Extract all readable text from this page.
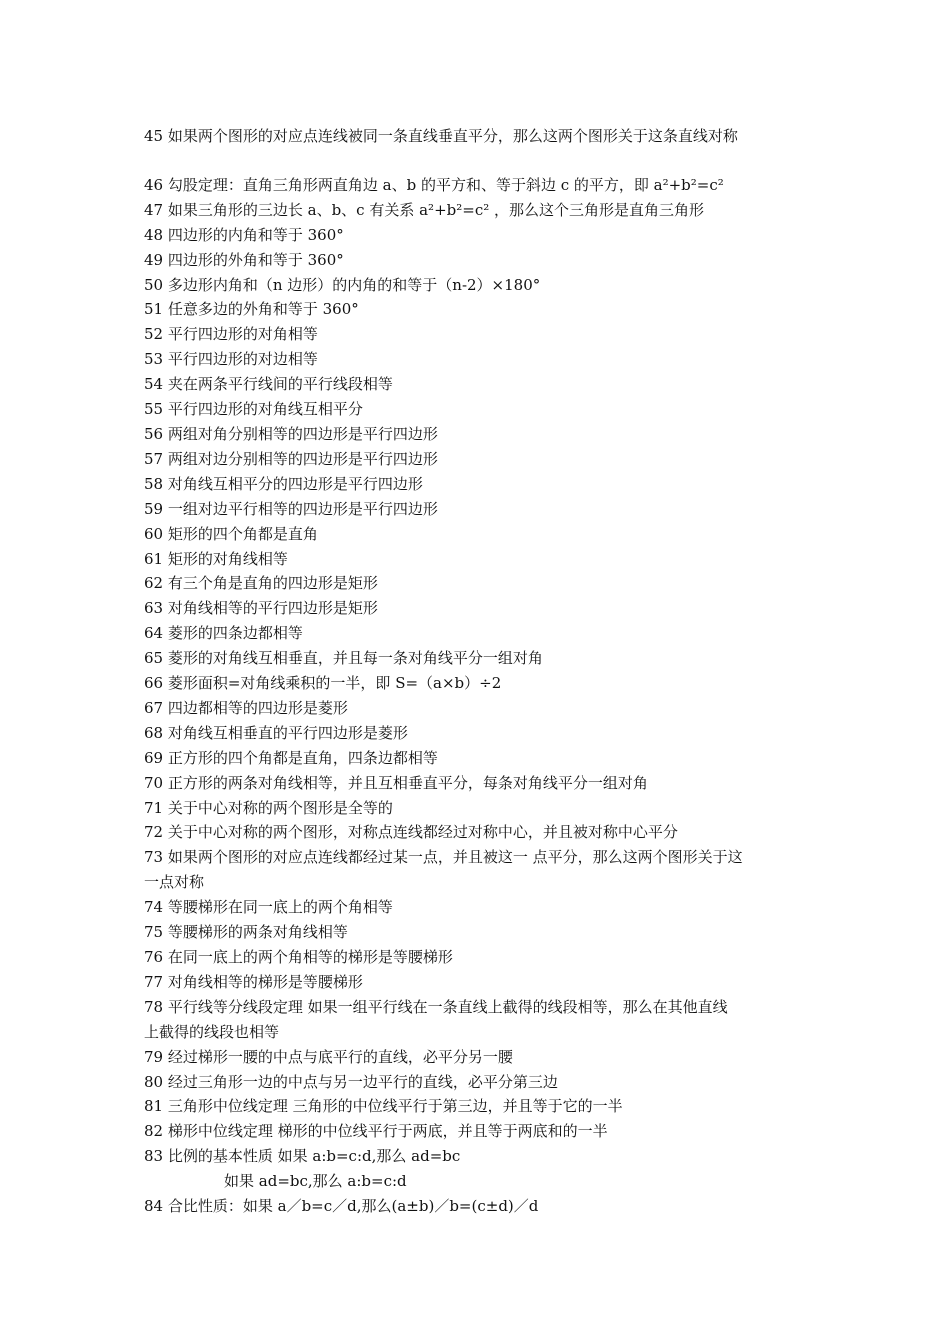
45 如果两个图形的对应点连线被同一条直线垂直平分，那么这两个图形关于这条直线对称
46 勾股定理：直角三角形两直角边 a、b 的平方和、等于斜边 c 的平方，即 a²+b²=c²
47 如果三角形的三边长 a、b、c 有关系 a²+b²=c² ，那么这个三角形是直角三角形
48 四边形的内角和等于 360°
49 四边形的外角和等于 360°
50 多边形内角和（n 边形）的内角的和等于（n-2）×180°
51 任意多边的外角和等于 360°
52 平行四边形的对角相等
53 平行四边形的对边相等
54 夹在两条平行线间的平行线段相等
55 平行四边形的对角线互相平分
56 两组对角分别相等的四边形是平行四边形
57 两组对边分别相等的四边形是平行四边形
58 对角线互相平分的四边形是平行四边形
59 一组对边平行相等的四边形是平行四边形
60 矩形的四个角都是直角
61 矩形的对角线相等
62 有三个角是直角的四边形是矩形
63 对角线相等的平行四边形是矩形
64 菱形的四条边都相等
65 菱形的对角线互相垂直，并且每一条对角线平分一组对角
66 菱形面积=对角线乘积的一半，即 S=（a×b）÷2
67 四边都相等的四边形是菱形
68 对角线互相垂直的平行四边形是菱形
69 正方形的四个角都是直角，四条边都相等
70 正方形的两条对角线相等，并且互相垂直平分，每条对角线平分一组对角
71 关于中心对称的两个图形是全等的
72 关于中心对称的两个图形，对称点连线都经过对称中心，并且被对称中心平分
73 如果两个图形的对应点连线都经过某一点，并且被这一 点平分，那么这两个图形关于这
一点对称
74 等腰梯形在同一底上的两个角相等
75 等腰梯形的两条对角线相等
76 在同一底上的两个角相等的梯形是等腰梯形
77 对角线相等的梯形是等腰梯形
78 平行线等分线段定理 如果一组平行线在一条直线上截得的线段相等，那么在其他直线
上截得的线段也相等
79 经过梯形一腰的中点与底平行的直线，必平分另一腰
80 经过三角形一边的中点与另一边平行的直线，必平分第三边
81 三角形中位线定理 三角形的中位线平行于第三边，并且等于它的一半
82 梯形中位线定理 梯形的中位线平行于两底，并且等于两底和的一半
83 比例的基本性质 如果 a:b=c:d,那么 ad=bc
如果 ad=bc,那么 a:b=c:d
84 合比性质：如果 a／b=c／d,那么(a±b)／b=(c±d)／d
